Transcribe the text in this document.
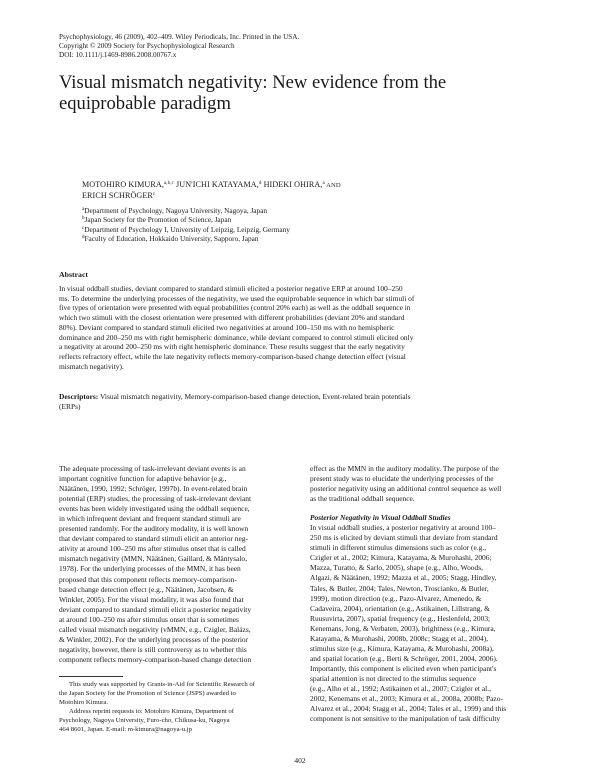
Psychophysiology, 46 (2009), 402–409. Wiley Periodicals, Inc. Printed in the USA.
Copyright © 2009 Society for Psychophysiological Research
DOI: 10.1111/j.1469-8986.2008.00767.x
Visual mismatch negativity: New evidence from the
equiprobable paradigm
MOTOHIRO KIMURA,$^{a,b,c}$ JUN'ICHI KATAYAMA,$^d$ HIDEKI OHIRA,$^a$ AND
ERICH SCHRÖGER$^c$
$^a$Department of Psychology, Nagoya University, Nagoya, Japan
$^b$Japan Society for the Promotion of Science, Japan
$^c$Department of Psychology I, University of Leipzig, Leipzig, Germany
$^d$Faculty of Education, Hokkaido University, Sapporo, Japan
Abstract
In visual oddball studies, deviant compared to standard stimuli elicited a posterior negative ERP at around 100–250
ms. To determine the underlying processes of the negativity, we used the equiprobable sequence in which bar stimuli of
five types of orientation were presented with equal probabilities (control 20% each) as well as the oddball sequence in
which two stimuli with the closest orientation were presented with different probabilities (deviant 20% and standard
80%). Deviant compared to standard stimuli elicited two negativities at around 100–150 ms with no hemispheric
dominance and 200–250 ms with right hemispheric dominance, while deviant compared to control stimuli elicited only
a negativity at around 200–250 ms with right hemispheric dominance. These results suggest that the early negativity
reflects refractory effect, while the late negativity reflects memory-comparison-based change detection effect (visual
mismatch negativity).
Descriptors: Visual mismatch negativity, Memory-comparison-based change detection, Event-related brain potentials
(ERPs)
The adequate processing of task-irrelevant deviant events is an
important cognitive function for adaptive behavior (e.g.,
Näätänen, 1990, 1992; Schröger, 1997b). In event-related brain
potential (ERP) studies, the processing of task-irrelevant deviant
events has been widely investigated using the oddball sequence,
in which infrequent deviant and frequent standard stimuli are
presented randomly. For the auditory modality, it is well known
that deviant compared to standard stimuli elicit an anterior neg-
ativity at around 100–250 ms after stimulus onset that is called
mismatch negativity (MMN, Näätänen, Gaillard, & Mäntysalo,
1978). For the underlying processes of the MMN, it has been
proposed that this component reflects memory-comparison-
based change detection effect (e.g., Näätänen, Jacobsen, &
Winkler, 2005). For the visual modality, it was also found that
deviant compared to standard stimuli elicit a posterior negativity
at around 100–250 ms after stimulus onset that is sometimes
called visual mismatch negativity (vMMN, e.g., Czigler, Balázs,
& Winkler, 2002). For the underlying processes of the posterior
negativity, however, there is still controversy as to whether this
component reflects memory-comparison-based change detection
effect as the MMN in the auditory modality. The purpose of the
present study was to elucidate the underlying processes of the
posterior negativity using an additional control sequence as well
as the traditional oddball sequence.
Posterior Negativity in Visual Oddball Studies
In visual oddball studies, a posterior negativity at around 100–
250 ms is elicited by deviant stimuli that deviate from standard
stimuli in different stimulus dimensions such as color (e.g.,
Czigler et al., 2002; Kimura, Katayama, & Murohashi, 2006;
Mazza, Turatto, & Sarlo, 2005), shape (e.g., Alho, Woods,
Algazi, & Näätänen, 1992; Mazza et al., 2005; Stagg, Hindley,
Tales, & Butler, 2004; Tales, Newton, Troscianko, & Butler,
1999), motion direction (e.g., Pazo-Alvarez, Amenedo, &
Cadaveira, 2004), orientation (e.g., Astikainen, Lillstrang, &
Ruusuvirta, 2007), spatial frequency (e.g., Heslenfeld, 2003;
Kenemans, Jong, & Verbaten, 2003), brightness (e.g., Kimura,
Katayama, & Murohashi, 2008b, 2008c; Stagg et al., 2004),
stimulus size (e.g., Kimura, Katayama, & Murohashi, 2008a),
and spatial location (e.g., Berti & Schröger, 2001, 2004, 2006).
Importantly, this component is elicited even when participant's
spatial attention is not directed to the stimulus sequence
(e.g., Alho et al., 1992; Astikainen et al., 2007; Czigler et al.,
2002, Kenemans et al., 2003; Kimura et al., 2008a, 2008b; Pazo-
Alvarez et al., 2004; Stagg et al., 2004; Tales et al., 1999) and this
component is not sensitive to the manipulation of task difficulty
This study was supported by Grants-in-Aid for Scientific Research of
the Japan Society for the Promotion of Science (JSPS) awarded to
Motohiro Kimura.
Address reprint requests to: Motohiro Kimura, Department of
Psychology, Nagoya University, Furo-cho, Chikusa-ku, Nagoya
464 8601, Japan. E-mail: m-kimura@nagoya-u.jp
402
